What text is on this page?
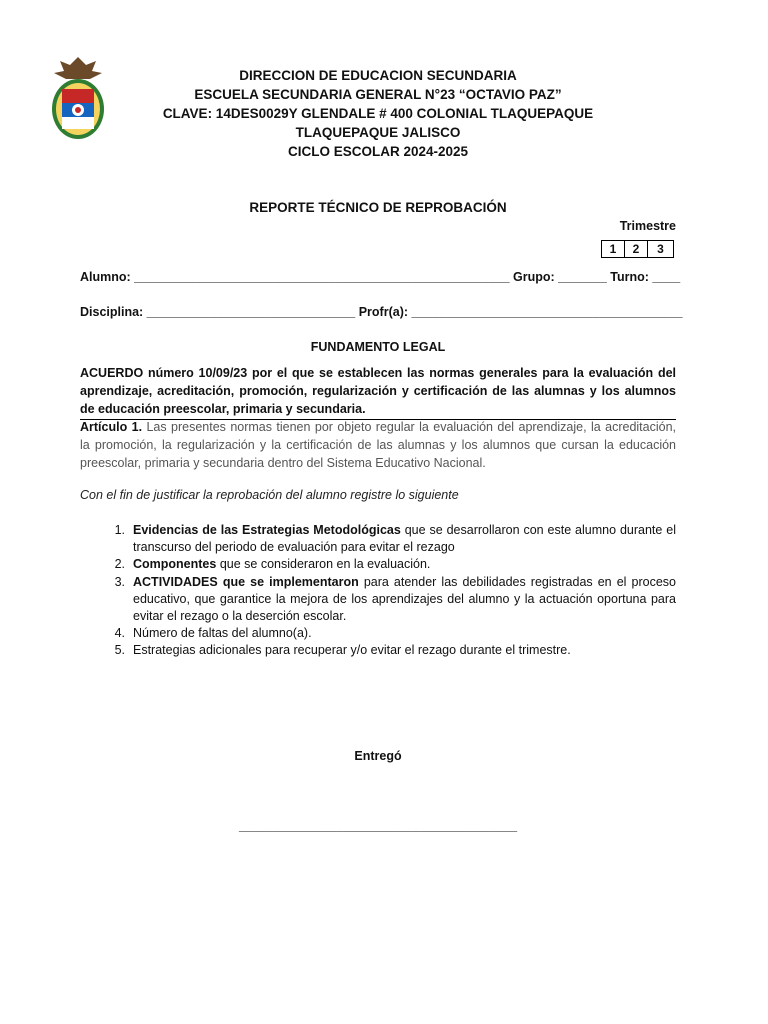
DIRECCION DE EDUCACION SECUNDARIA
ESCUELA SECUNDARIA GENERAL N°23 “OCTAVIO PAZ”
CLAVE: 14DES0029Y GLENDALE # 400 COLONIAL TLAQUEPAQUE
TLAQUEPAQUE JALISCO
CICLO ESCOLAR 2024-2025
REPORTE TÉCNICO DE REPROBACIÓN
Trimestre
1	2	3
Alumno: ______________________________________________________ Grupo: _______ Turno: ____
Disciplina: ______________________________ Profr(a): _______________________________________
FUNDAMENTO LEGAL
ACUERDO número 10/09/23 por el que se establecen las normas generales para la evaluación del aprendizaje, acreditación, promoción, regularización y certificación de las alumnas y los alumnos de educación preescolar, primaria y secundaria.
Artículo 1. Las presentes normas tienen por objeto regular la evaluación del aprendizaje, la acreditación, la promoción, la regularización y la certificación de las alumnas y los alumnos que cursan la educación preescolar, primaria y secundaria dentro del Sistema Educativo Nacional.
Con el fin de justificar la reprobación del alumno registre lo siguiente
1. Evidencias de las Estrategias Metodológicas que se desarrollaron con este alumno durante el transcurso del periodo de evaluación para evitar el rezago
2. Componentes que se consideraron en la evaluación.
3. ACTIVIDADES que se implementaron para atender las debilidades registradas en el proceso educativo, que garantice la mejora de los aprendizajes del alumno y la actuación oportuna para evitar el rezago o la deserción escolar.
4. Número de faltas del alumno(a).
5. Estrategias adicionales para recuperar y/o evitar el rezago durante el trimestre.
Entregó
________________________________________
